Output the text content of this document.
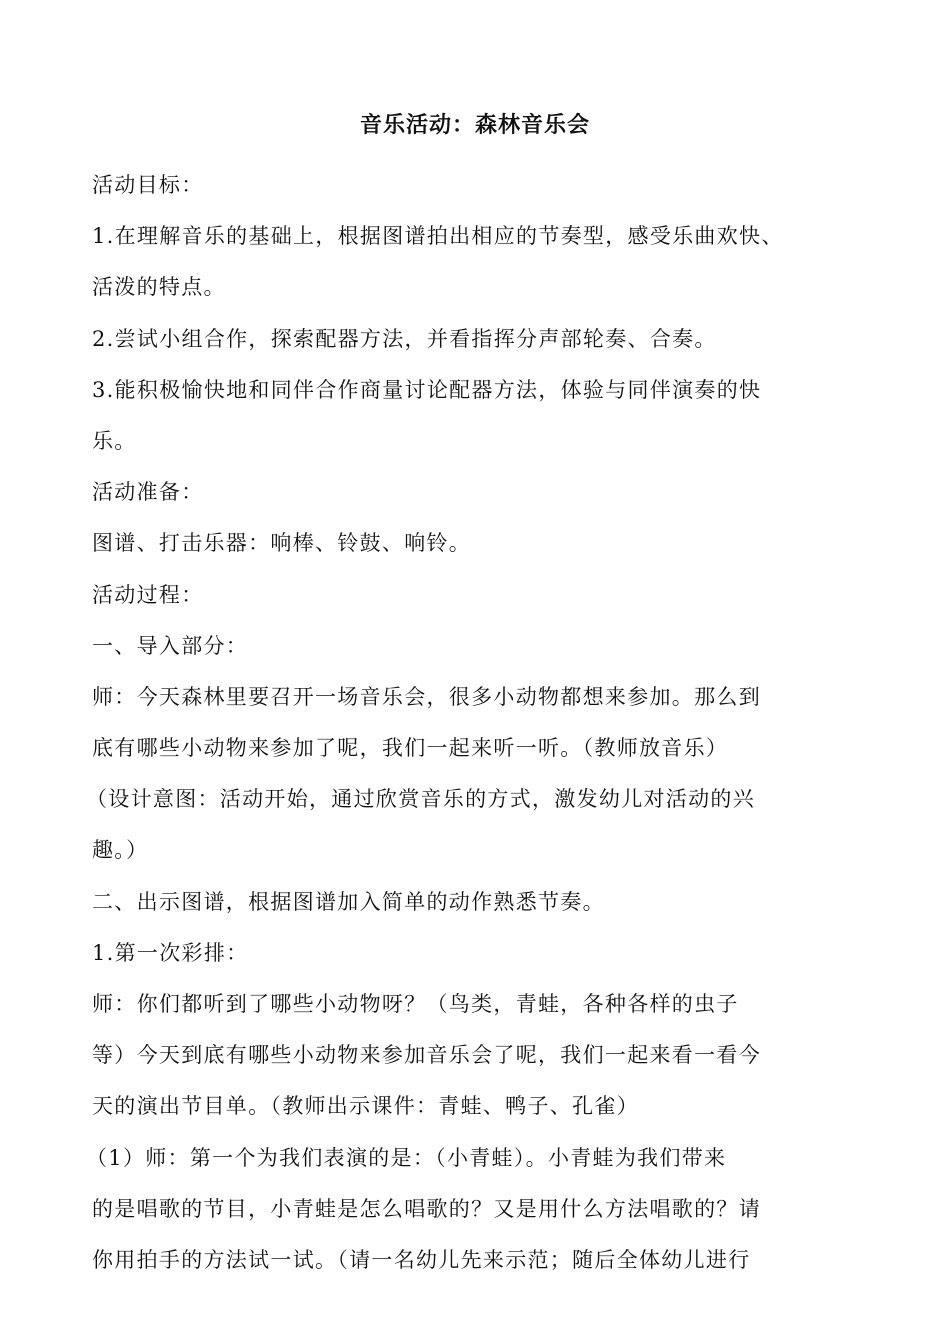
音乐活动：森林音乐会
活动目标：
1.在理解音乐的基础上，根据图谱拍出相应的节奏型，感受乐曲欢快、
活泼的特点。
2.尝试小组合作，探索配器方法，并看指挥分声部轮奏、合奏。
3.能积极愉快地和同伴合作商量讨论配器方法，体验与同伴演奏的快
乐。
活动准备：
图谱、打击乐器：响棒、铃鼓、响铃。
活动过程：
一、导入部分：
师：今天森林里要召开一场音乐会，很多小动物都想来参加。那么到
底有哪些小动物来参加了呢，我们一起来听一听。（教师放音乐）
（设计意图：活动开始，通过欣赏音乐的方式，激发幼儿对活动的兴
趣。）
二、出示图谱，根据图谱加入简单的动作熟悉节奏。
1.第一次彩排：
师：你们都听到了哪些小动物呀？（鸟类，青蛙，各种各样的虫子
等）今天到底有哪些小动物来参加音乐会了呢，我们一起来看一看今
天的演出节目单。（教师出示课件：青蛙、鸭子、孔雀）
（1）师：第一个为我们表演的是：（小青蛙）。小青蛙为我们带来
的是唱歌的节目，小青蛙是怎么唱歌的？又是用什么方法唱歌的？请
你用拍手的方法试一试。（请一名幼儿先来示范；随后全体幼儿进行
